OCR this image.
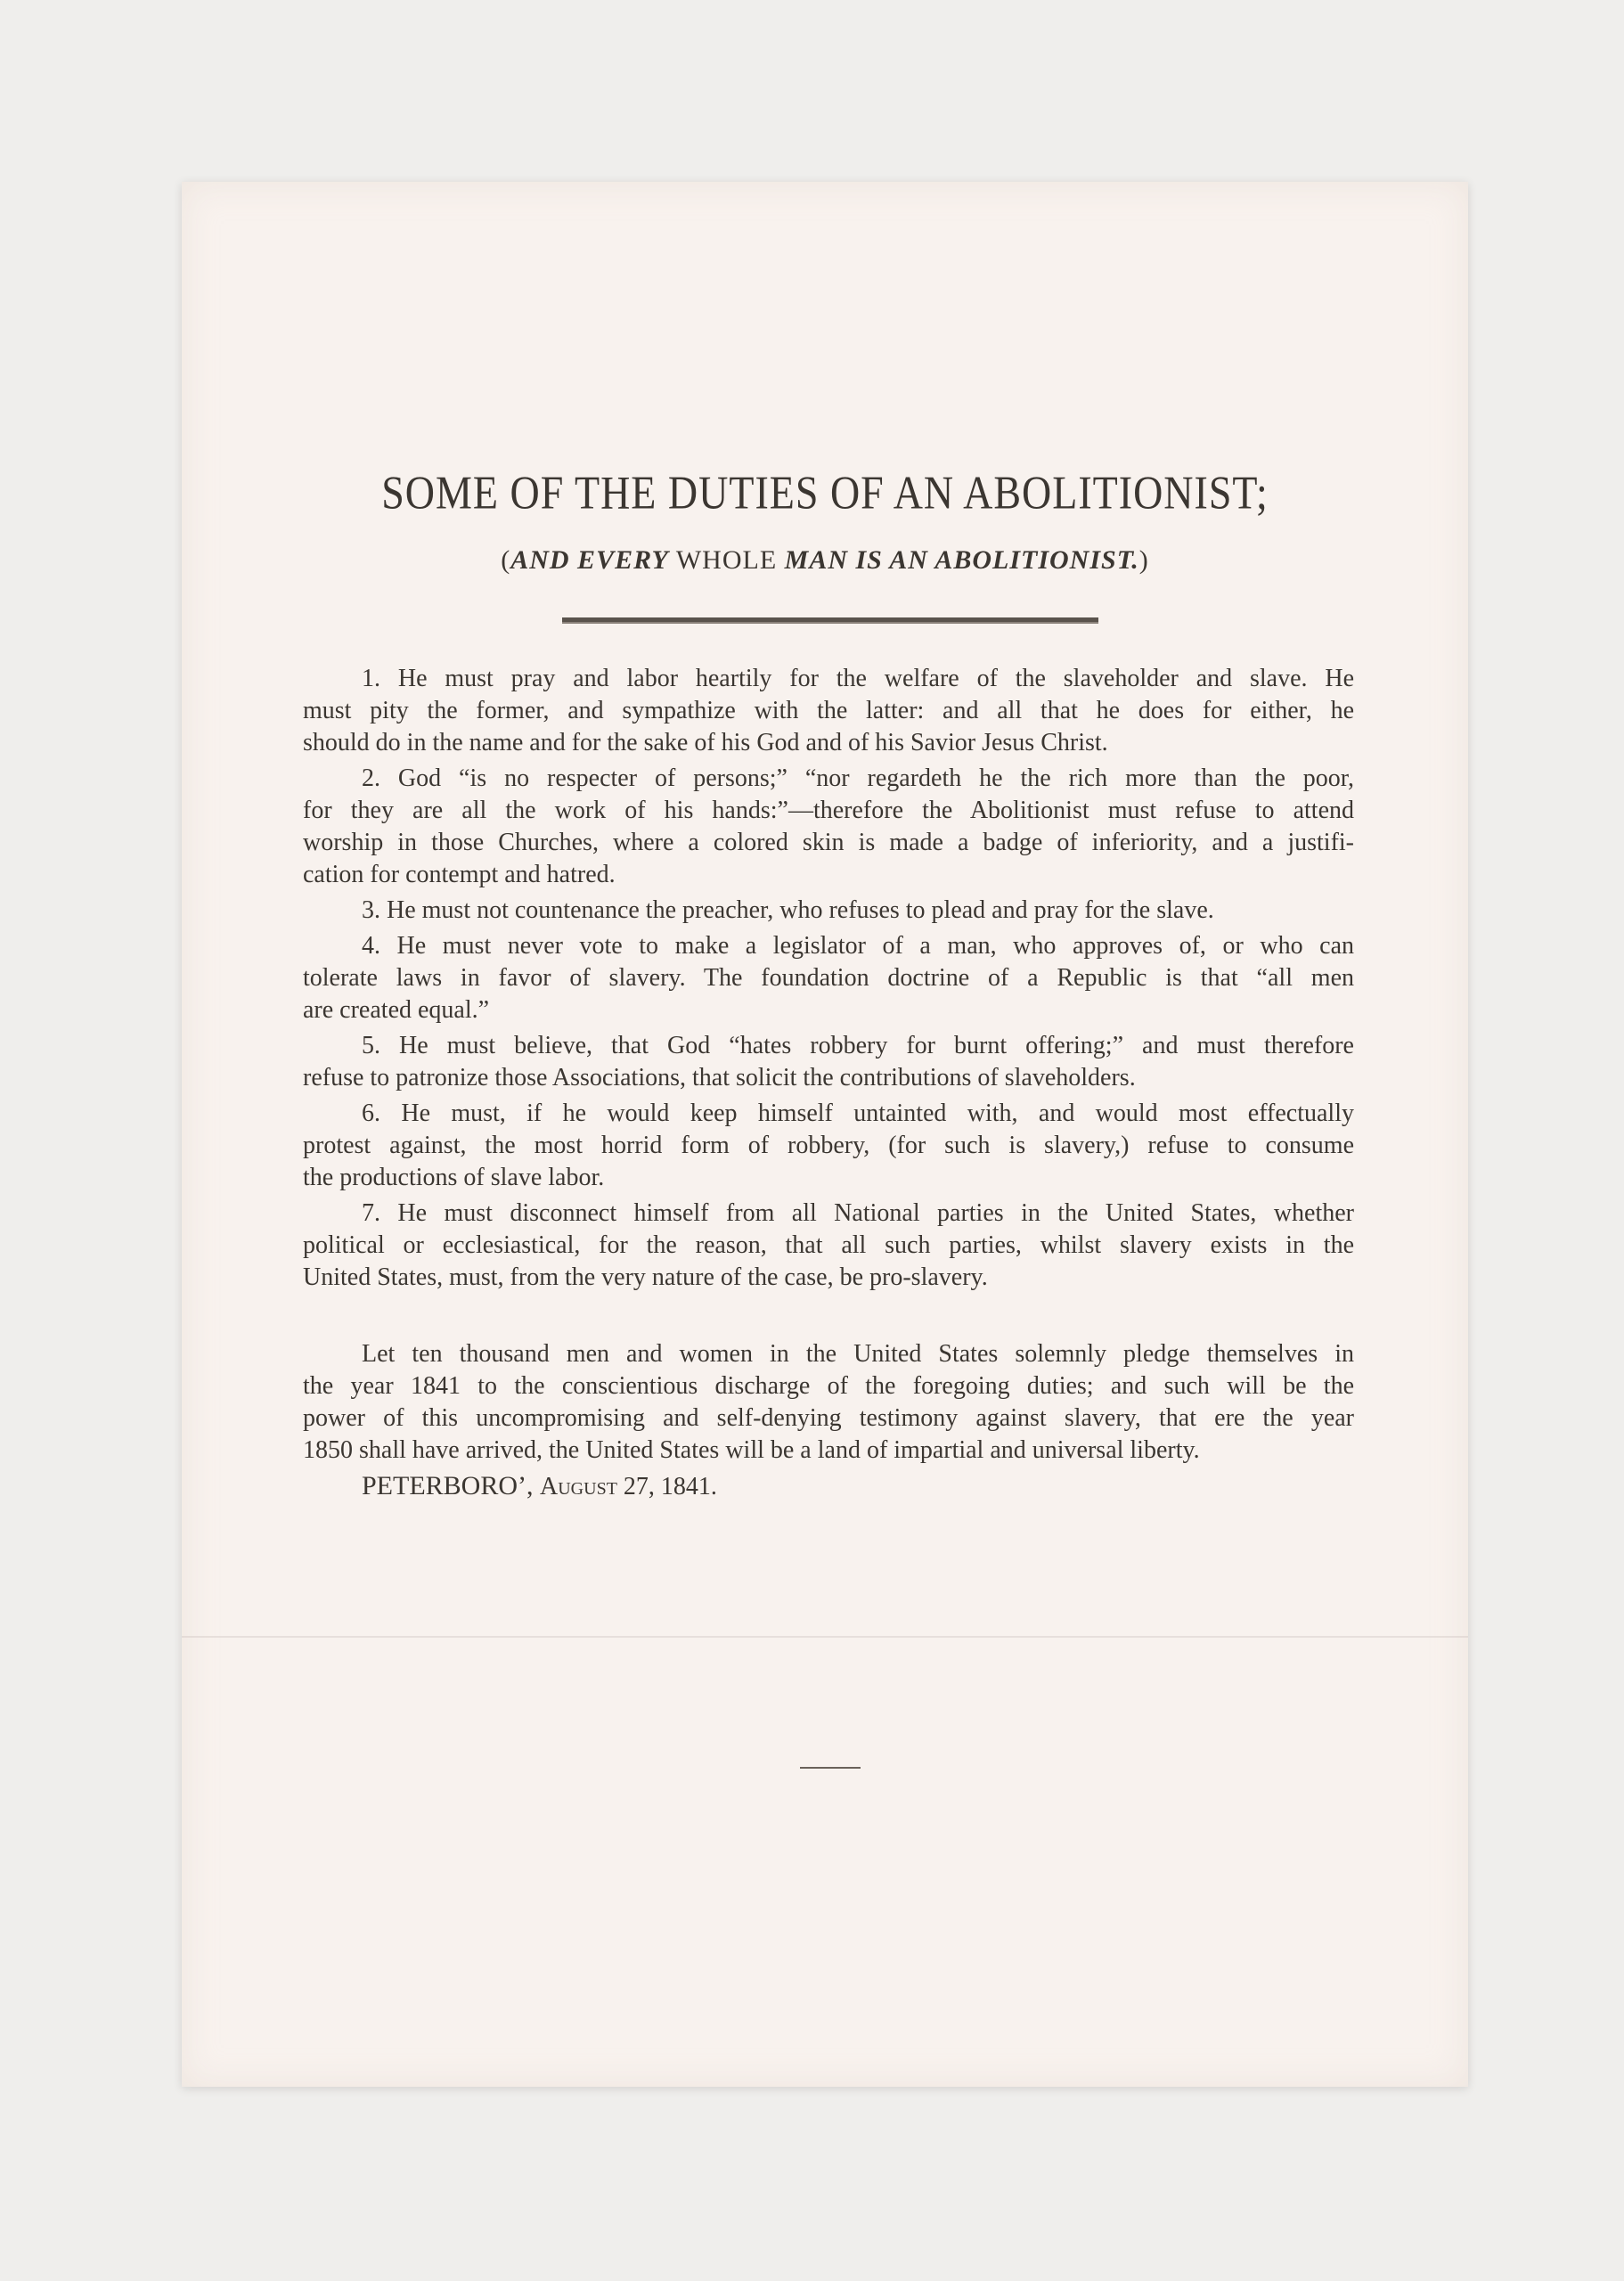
SOME OF THE DUTIES OF AN ABOLITIONIST;
(AND EVERY WHOLE MAN IS AN ABOLITIONIST.)
1. He must pray and labor heartily for the welfare of the slaveholder and slave. He
must pity the former, and sympathize with the latter: and all that he does for either, he
should do in the name and for the sake of his God and of his Savior Jesus Christ.
2. God “is no respecter of persons;” “nor regardeth he the rich more than the poor,
for they are all the work of his hands:”—therefore the Abolitionist must refuse to attend
worship in those Churches, where a colored skin is made a badge of inferiority, and a justifi-
cation for contempt and hatred.
3. He must not countenance the preacher, who refuses to plead and pray for the slave.
4. He must never vote to make a legislator of a man, who approves of, or who can
tolerate laws in favor of slavery. The foundation doctrine of a Republic is that “all men
are created equal.”
5. He must believe, that God “hates robbery for burnt offering;” and must therefore
refuse to patronize those Associations, that solicit the contributions of slaveholders.
6. He must, if he would keep himself untainted with, and would most effectually
protest against, the most horrid form of robbery, (for such is slavery,) refuse to consume
the productions of slave labor.
7. He must disconnect himself from all National parties in the United States, whether
political or ecclesiastical, for the reason, that all such parties, whilst slavery exists in the
United States, must, from the very nature of the case, be pro-slavery.
Let ten thousand men and women in the United States solemnly pledge themselves in
the year 1841 to the conscientious discharge of the foregoing duties; and such will be the
power of this uncompromising and self-denying testimony against slavery, that ere the year
1850 shall have arrived, the United States will be a land of impartial and universal liberty.
PETERBORO’, August 27, 1841.
